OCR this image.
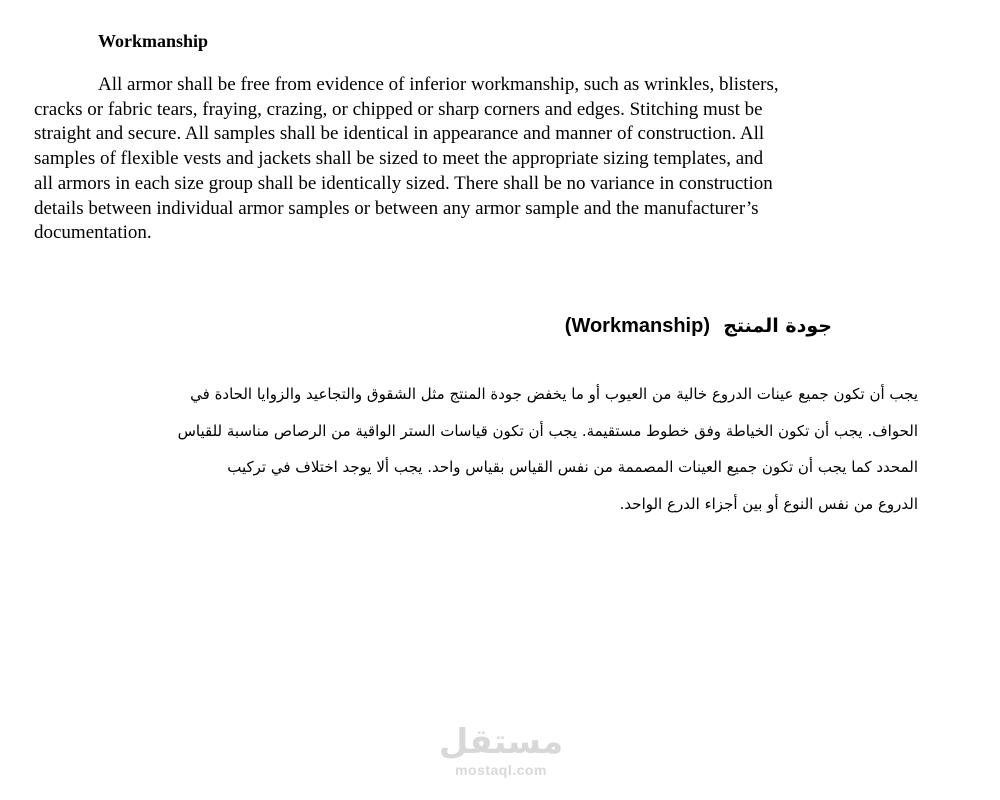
Workmanship

All armor shall be free from evidence of inferior workmanship, such as wrinkles, blisters,
cracks or fabric tears, fraying, crazing, or chipped or sharp corners and edges. Stitching must be
straight and secure. All samples shall be identical in appearance and manner of construction. All
samples of flexible vests and jackets shall be sized to meet the appropriate sizing templates, and
all armors in each size group shall be identically sized. There shall be no variance in construction
details between individual armor samples or between any armor sample and the manufacturer’s
documentation.

جودة المنتج  (Workmanship)

يجب أن تكون جميع عينات الدروع خالية من العيوب أو ما يخفض جودة المنتج مثل الشقوق والتجاعيد والزوايا الحادة في
الحواف. يجب أن تكون الخياطة وفق خطوط مستقيمة. يجب أن تكون قياسات الستر الواقية من الرصاص مناسبة للقياس
المحدد كما يجب أن تكون جميع العينات المصممة من نفس القياس بقياس واحد. يجب ألا يوجد اختلاف في تركيب
الدروع من نفس النوع أو بين أجزاء الدرع الواحد.

مستقل
mostaql.com
